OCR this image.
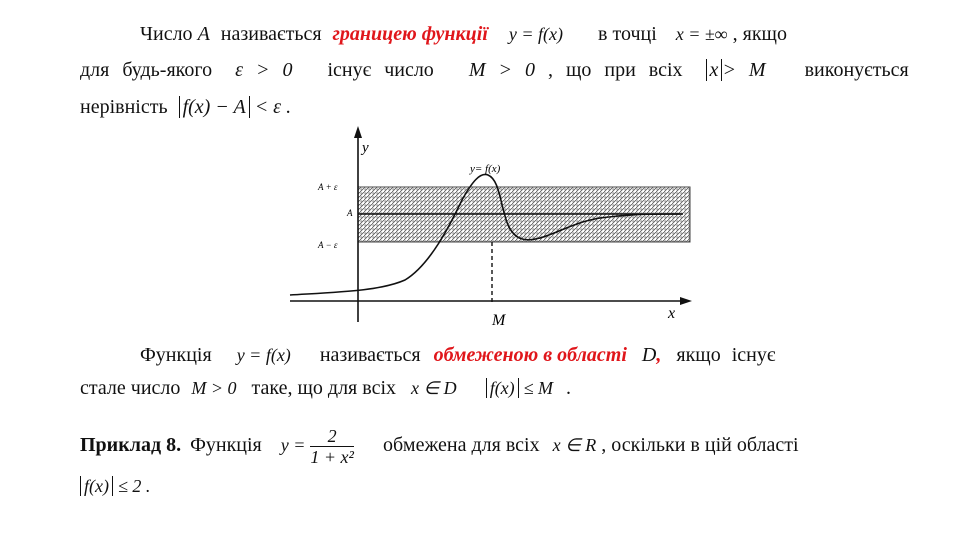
Число A називається границею функції y = f(x) в точці x = ±∞ , якщо
для будь-якого ε > 0 існує число M > 0 , що при всіх x > M виконується
нерівність f(x) − A < ε .
y
x
y= f(x)
A + ε
A
A − ε
M
Функція y = f(x) називається обмеженою в області D, якщо існує
стале число M > 0 таке, що для всіх x ∈ D f(x) ≤ M .
Приклад 8. Функція $y = \frac{2}{\text{1 + x²}}$ обмежена для всіх x ∈ R , оскільки в цій області
f(x) ≤ 2 .
